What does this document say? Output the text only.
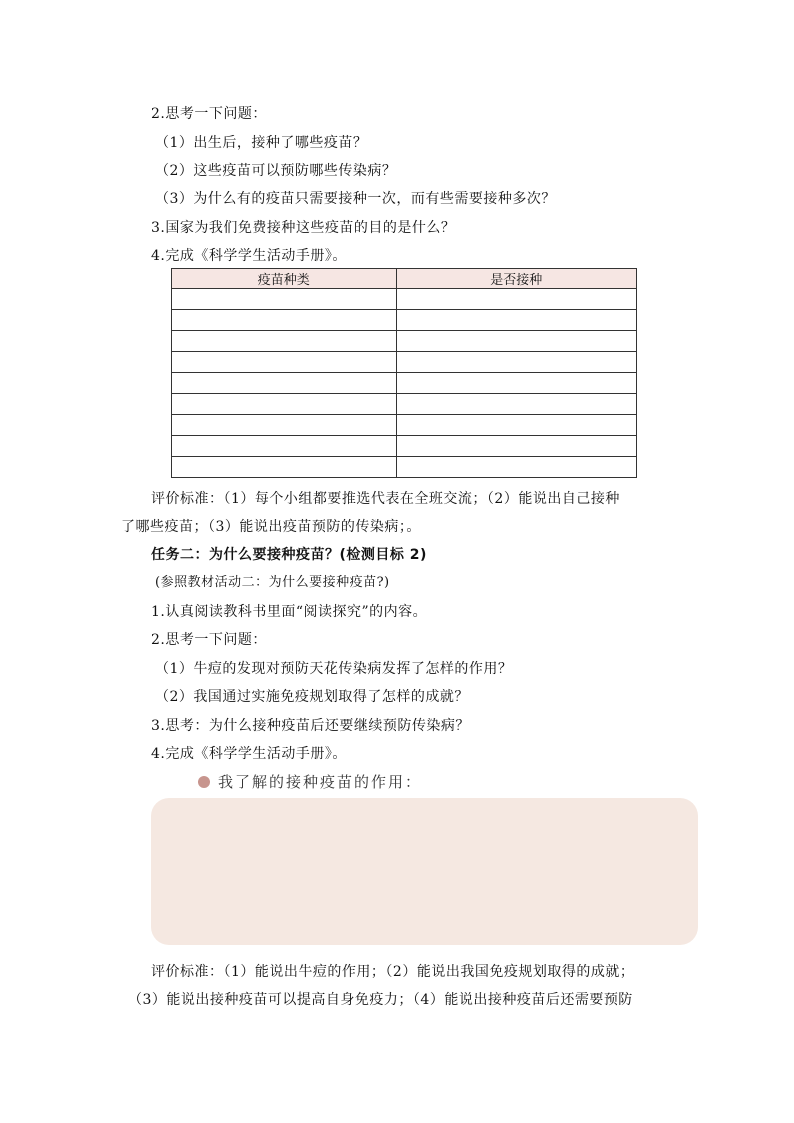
2.思考一下问题：
（1）出生后，接种了哪些疫苗？
（2）这些疫苗可以预防哪些传染病？
（3）为什么有的疫苗只需要接种一次，而有些需要接种多次？
3.国家为我们免费接种这些疫苗的目的是什么？
4.完成《科学学生活动手册》。
疫苗种类	是否接种

评价标准：（1）每个小组都要推选代表在全班交流；（2）能说出自己接种
了哪些疫苗；（3）能说出疫苗预防的传染病；。
任务二：为什么要接种疫苗？(检测目标 2)
(参照教材活动二：为什么要接种疫苗?)
1.认真阅读教科书里面“阅读探究”的内容。
2.思考一下问题：
（1）牛痘的发现对预防天花传染病发挥了怎样的作用？
（2）我国通过实施免疫规划取得了怎样的成就？
3.思考：为什么接种疫苗后还要继续预防传染病？
4.完成《科学学生活动手册》。
我了解的接种疫苗的作用：
评价标准：（1）能说出牛痘的作用；（2）能说出我国免疫规划取得的成就；
（3）能说出接种疫苗可以提高自身免疫力；（4）能说出接种疫苗后还需要预防
